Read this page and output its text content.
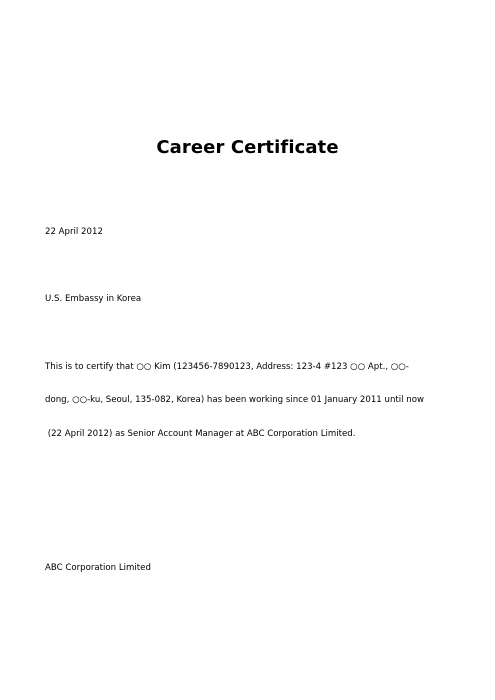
Career Certificate
22 April 2012
U.S. Embassy in Korea
This is to certify that ○○ Kim (123456-7890123, Address: 123-4 #123 ○○ Apt., ○○-
dong, ○○-ku, Seoul, 135-082, Korea) has been working since 01 January 2011 until now
(22 April 2012) as Senior Account Manager at ABC Corporation Limited.
ABC Corporation Limited
